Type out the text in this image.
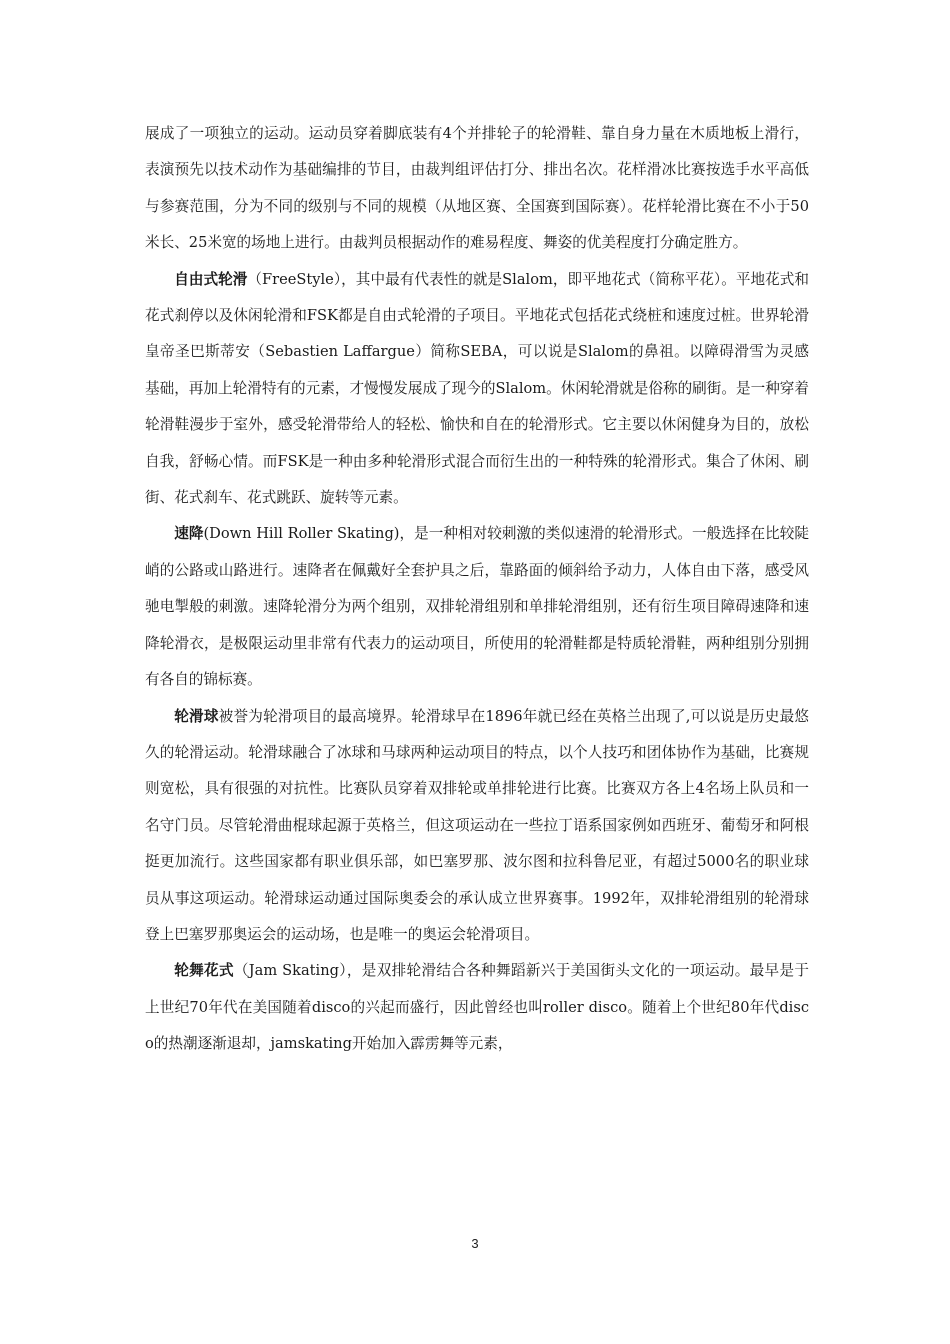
展成了一项独立的运动。运动员穿着脚底装有4个并排轮子的轮滑鞋、靠自身力量在木质地板上滑行，表演预先以技术动作为基础编排的节目，由裁判组评估打分、排出名次。花样滑冰比赛按选手水平高低与参赛范围，分为不同的级别与不同的规模（从地区赛、全国赛到国际赛）。花样轮滑比赛在不小于50米长、25米宽的场地上进行。由裁判员根据动作的难易程度、舞姿的优美程度打分确定胜方。

自由式轮滑（FreeStyle），其中最有代表性的就是Slalom，即平地花式（简称平花）。平地花式和花式刹停以及休闲轮滑和FSK都是自由式轮滑的子项目。平地花式包括花式绕桩和速度过桩。世界轮滑皇帝圣巴斯蒂安（Sebastien Laffargue）简称SEBA，可以说是Slalom的鼻祖。以障碍滑雪为灵感基础，再加上轮滑特有的元素，才慢慢发展成了现今的Slalom。休闲轮滑就是俗称的刷街。是一种穿着轮滑鞋漫步于室外，感受轮滑带给人的轻松、愉快和自在的轮滑形式。它主要以休闲健身为目的，放松自我，舒畅心情。而FSK是一种由多种轮滑形式混合而衍生出的一种特殊的轮滑形式。集合了休闲、刷街、花式刹车、花式跳跃、旋转等元素。

速降(Down Hill Roller Skating)，是一种相对较刺激的类似速滑的轮滑形式。一般选择在比较陡峭的公路或山路进行。速降者在佩戴好全套护具之后，靠路面的倾斜给予动力，人体自由下落，感受风驰电掣般的刺激。速降轮滑分为两个组别，双排轮滑组别和单排轮滑组别，还有衍生项目障碍速降和速降轮滑衣，是极限运动里非常有代表力的运动项目，所使用的轮滑鞋都是特质轮滑鞋，两种组别分别拥有各自的锦标赛。

轮滑球被誉为轮滑项目的最高境界。轮滑球早在1896年就已经在英格兰出现了,可以说是历史最悠久的轮滑运动。轮滑球融合了冰球和马球两种运动项目的特点，以个人技巧和团体协作为基础，比赛规则宽松，具有很强的对抗性。比赛队员穿着双排轮或单排轮进行比赛。比赛双方各上4名场上队员和一名守门员。尽管轮滑曲棍球起源于英格兰，但这项运动在一些拉丁语系国家例如西班牙、葡萄牙和阿根挺更加流行。这些国家都有职业俱乐部，如巴塞罗那、波尔图和拉科鲁尼亚，有超过5000名的职业球员从事这项运动。轮滑球运动通过国际奥委会的承认成立世界赛事。1992年，双排轮滑组别的轮滑球登上巴塞罗那奥运会的运动场，也是唯一的奥运会轮滑项目。

轮舞花式（Jam Skating），是双排轮滑结合各种舞蹈新兴于美国街头文化的一项运动。最早是于上世纪70年代在美国随着disco的兴起而盛行，因此曾经也叫roller disco。随着上个世纪80年代disco的热潮逐渐退却，jamskating开始加入霹雳舞等元素，

3
